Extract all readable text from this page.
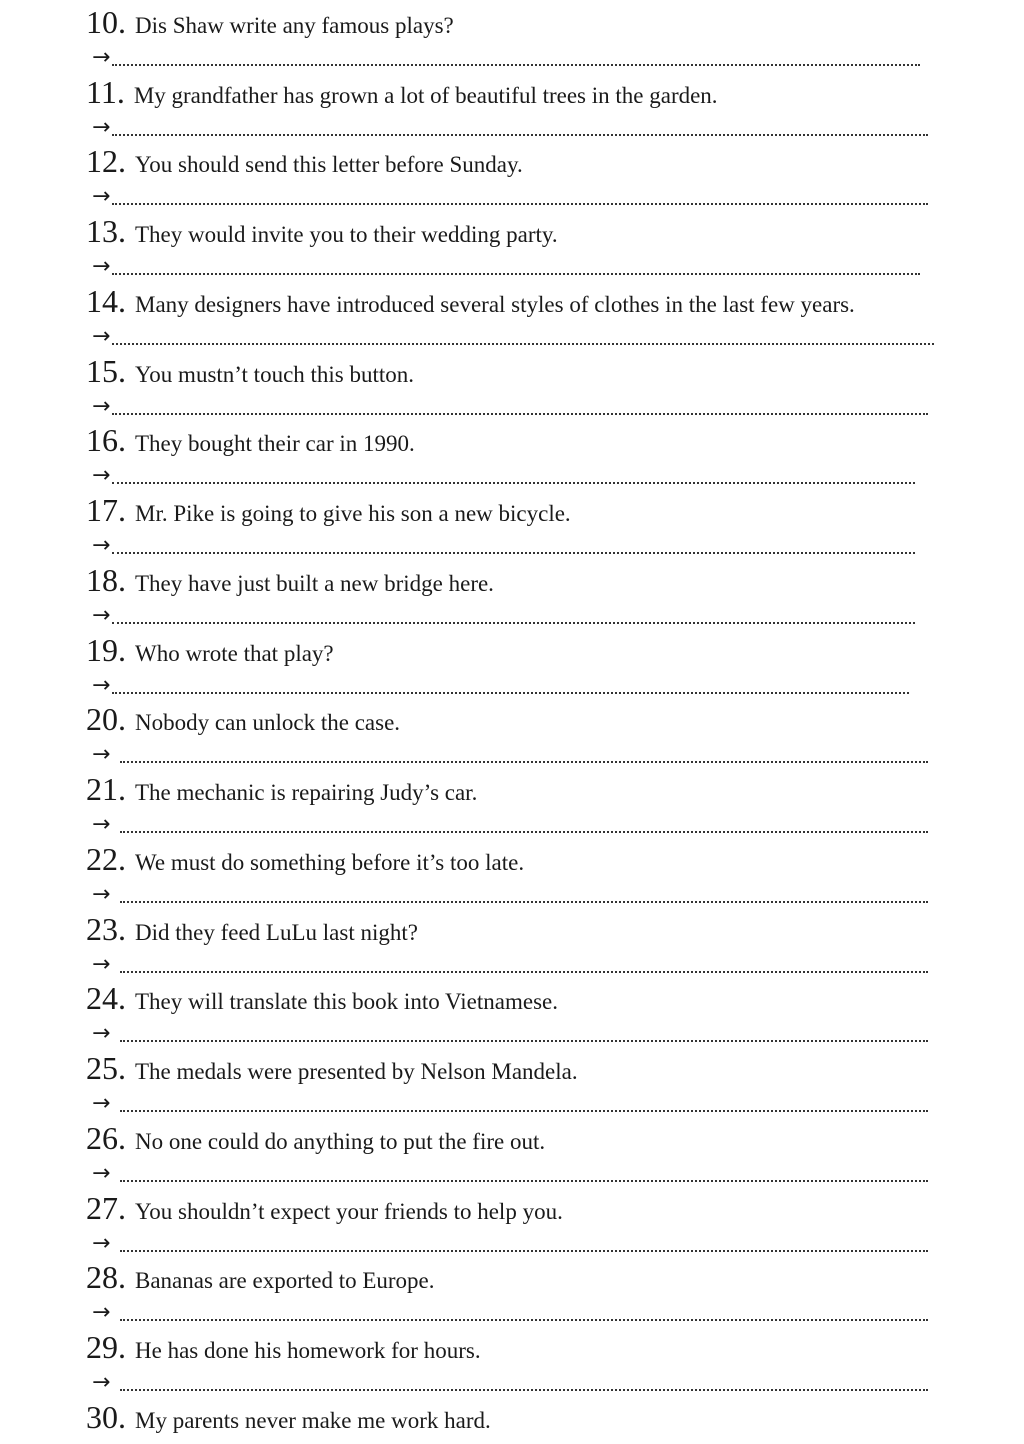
10. Dis Shaw write any famous plays?
→
11. My grandfather has grown a lot of beautiful trees in the garden.
→
12. You should send this letter before Sunday.
→
13. They would invite you to their wedding party.
→
14. Many designers have introduced several styles of clothes in the last few years.
→
15. You mustn’t touch this button.
→
16. They bought their car in 1990.
→
17. Mr. Pike is going to give his son a new bicycle.
→
18. They have just built a new bridge here.
→
19. Who wrote that play?
→
20. Nobody can unlock the case.
→
21. The mechanic is repairing Judy’s car.
→
22. We must do something before it’s too late.
→
23. Did they feed LuLu last night?
→
24. They will translate this book into Vietnamese.
→
25. The medals were presented by Nelson Mandela.
→
26. No one could do anything to put the fire out.
→
27. You shouldn’t expect your friends to help you.
→
28. Bananas are exported to Europe.
→
29. He has done his homework for hours.
→
30. My parents never make me work hard.
